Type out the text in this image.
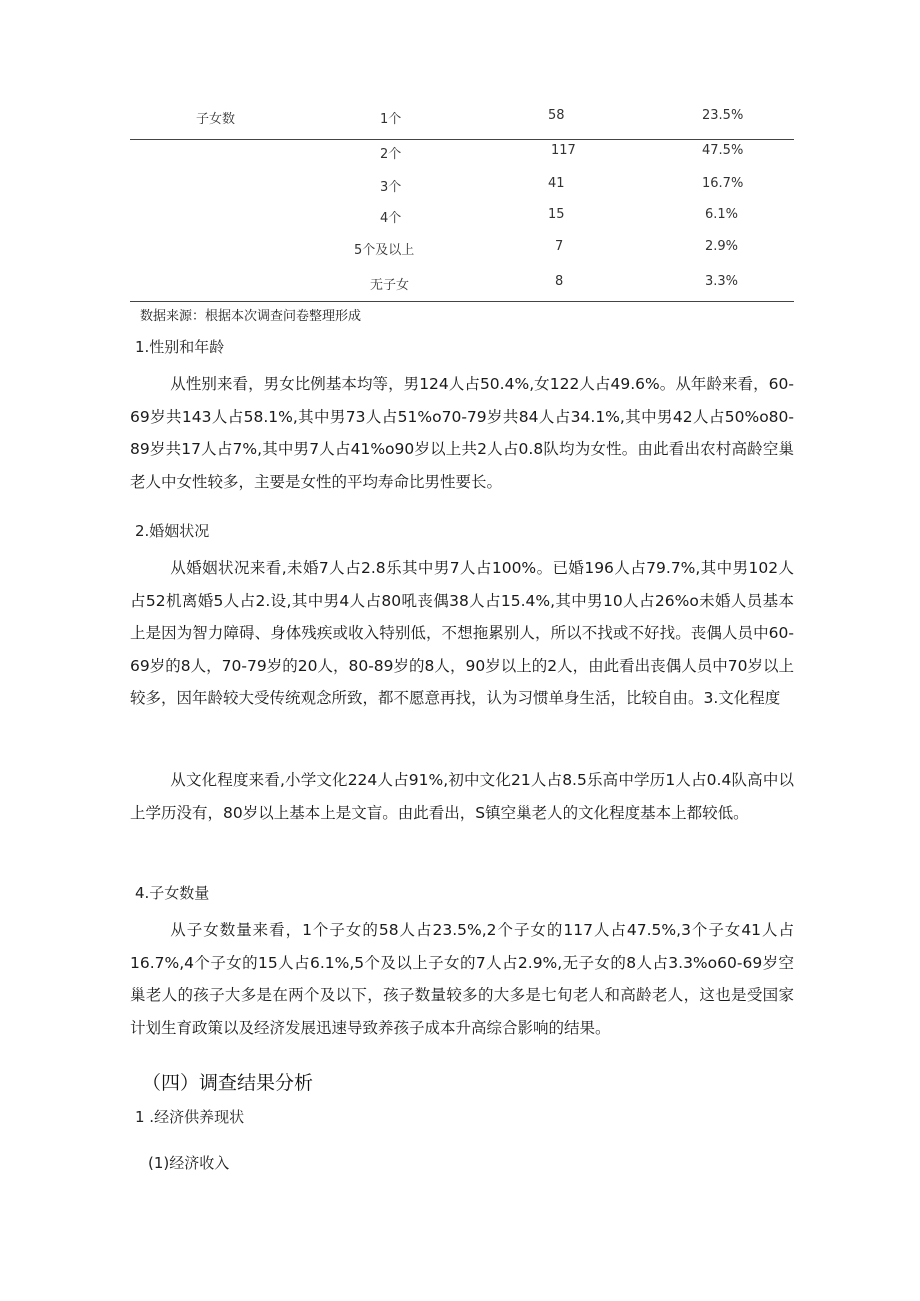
子女数	1个	58	23.5%
2个	117	47.5%
3个	41	16.7%
4个	15	6.1%
5个及以上	7	2.9%
无子女	8	3.3%
数据来源：根据本次调查问卷整理形成
1.性别和年龄

从性别来看，男女比例基本均等，男124人占50.4%,女122人占49.6%。从年龄来看，60-69岁共143人占58.1%,其中男73人占51%o70-79岁共84人占34.1%,其中男42人占50%o80-89岁共17人占7%,其中男7人占41%o90岁以上共2人占0.8队均为女性。由此看出农村高龄空巢老人中女性较多，主要是女性的平均寿命比男性要长。

2.婚姻状况

从婚姻状况来看,未婚7人占2.8乐其中男7人占100%。已婚196人占79.7%,其中男102人占52机离婚5人占2.设,其中男4人占80吼丧偶38人占15.4%,其中男10人占26%o未婚人员基本上是因为智力障碍、身体残疾或收入特别低，不想拖累别人，所以不找或不好找。丧偶人员中60-69岁的8人，70-79岁的20人，80-89岁的8人，90岁以上的2人，由此看出丧偶人员中70岁以上较多，因年龄较大受传统观念所致，都不愿意再找，认为习惯单身生活，比较自由。3.文化程度

从文化程度来看,小学文化224人占91%,初中文化21人占8.5乐高中学历1人占0.4队高中以上学历没有，80岁以上基本上是文盲。由此看出，S镇空巢老人的文化程度基本上都较低。

4.子女数量

从子女数量来看，1个子女的58人占23.5%,2个子女的117人占47.5%,3个子女41人占16.7%,4个子女的15人占6.1%,5个及以上子女的7人占2.9%,无子女的8人占3.3%o60-69岁空巢老人的孩子大多是在两个及以下，孩子数量较多的大多是七旬老人和高龄老人，这也是受国家计划生育政策以及经济发展迅速导致养孩子成本升高综合影响的结果。

（四）调查结果分析
1 .经济供养现状
(1)经济收入
